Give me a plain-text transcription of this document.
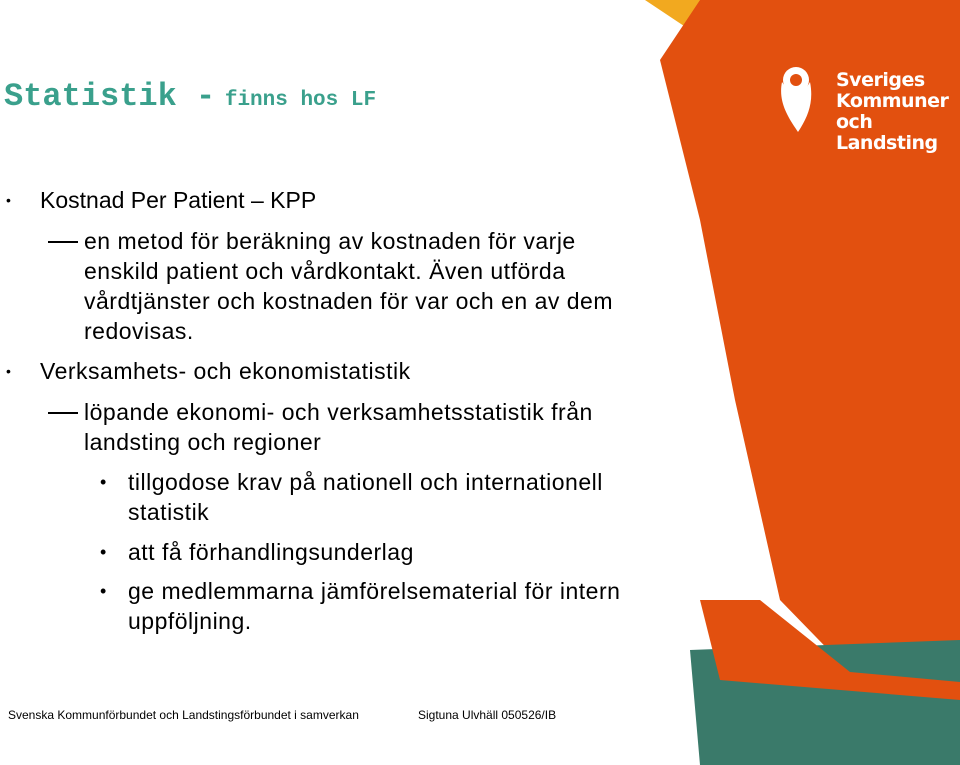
Statistik - finns hos LF
Sveriges
Kommuner
och Landsting
• Kostnad Per Patient – KPP
en metod för beräkning av kostnaden för varje
enskild patient och vårdkontakt. Även utförda
vårdtjänster och kostnaden för var och en av dem
redovisas.
• Verksamhets- och ekonomistatistik
löpande ekonomi- och verksamhetsstatistik från
landsting och regioner
• tillgodose krav på nationell och internationell
statistik
• att få förhandlingsunderlag
• ge medlemmarna jämförelsematerial för intern
uppföljning.
Svenska Kommunförbundet och Landstingsförbundet i samverkan	Sigtuna Ulvhäll 050526/IB
